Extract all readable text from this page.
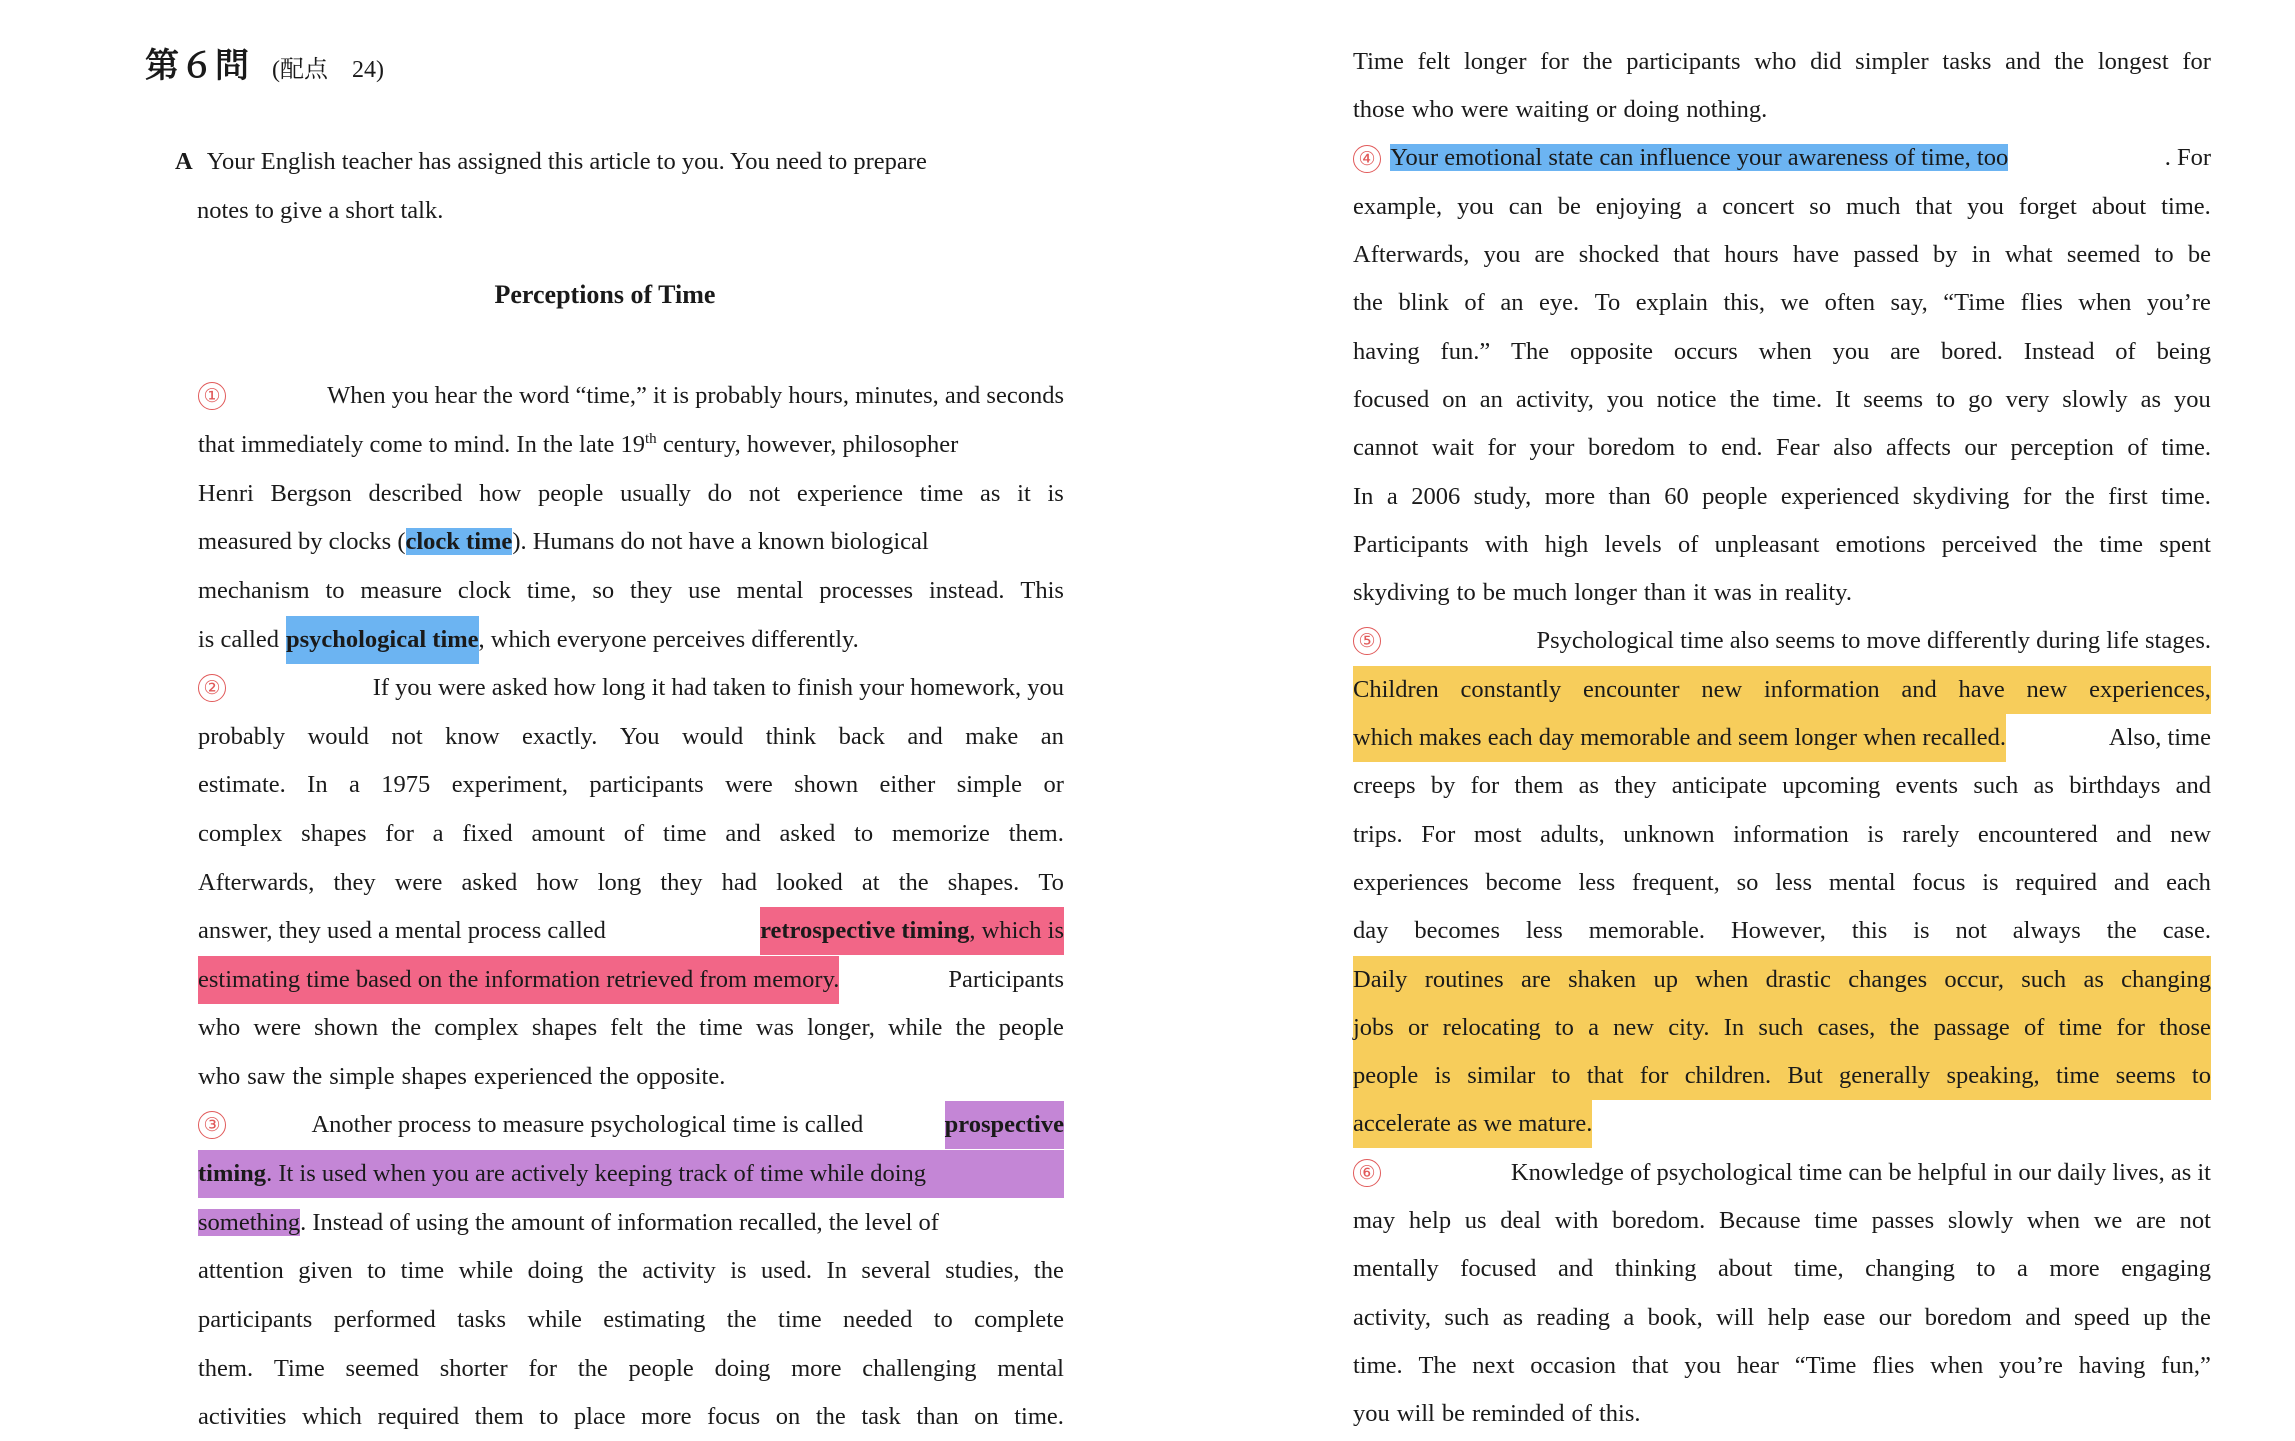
第６問 (配点　24)
A Your English teacher has assigned this article to you. You need to prepare
notes to give a short talk.
Perceptions of Time
①	When you hear the word “time,” it is probably hours, minutes, and seconds
that immediately come to mind. In the late 19th century, however, philosopher
Henri Bergson described how people usually do not experience time as it is
measured by clocks (clock time). Humans do not have a known biological
mechanism to measure clock time, so they use mental processes instead. This
is called psychological time , which everyone perceives differently.
②	If you were asked how long it had taken to finish your homework, you
probably would not know exactly. You would think back and make an
estimate. In a 1975 experiment, participants were shown either simple or
complex shapes for a fixed amount of time and asked to memorize them.
Afterwards, they were asked how long they had looked at the shapes. To
answer, they used a mental process called	retrospective timing, which is
estimating time based on the information retrieved from memory.	Participants
who were shown the complex shapes felt the time was longer, while the people
who saw the simple shapes experienced the opposite.
③	Another process to measure psychological time is called	prospective
timing. It is used when you are actively keeping track of time while doing
something. Instead of using the amount of information recalled, the level of
attention given to time while doing the activity is used. In several studies, the
participants performed tasks while estimating the time needed to complete
them. Time seemed shorter for the people doing more challenging mental
activities which required them to place more focus on the task than on time.
Time felt longer for the participants who did simpler tasks and the longest for
those who were waiting or doing nothing.
④ Your emotional state can influence your awareness of time, too	. For
example, you can be enjoying a concert so much that you forget about time.
Afterwards, you are shocked that hours have passed by in what seemed to be
the blink of an eye. To explain this, we often say, “Time flies when you’re
having fun.” The opposite occurs when you are bored. Instead of being
focused on an activity, you notice the time. It seems to go very slowly as you
cannot wait for your boredom to end. Fear also affects our perception of time.
In a 2006 study, more than 60 people experienced skydiving for the first time.
Participants with high levels of unpleasant emotions perceived the time spent
skydiving to be much longer than it was in reality.
⑤	Psychological time also seems to move differently during life stages.
Children constantly encounter new information and have new experiences,
which makes each day memorable and seem longer when recalled.	Also, time
creeps by for them as they anticipate upcoming events such as birthdays and
trips. For most adults, unknown information is rarely encountered and new
experiences become less frequent, so less mental focus is required and each
day becomes less memorable. However, this is not always the case.
Daily routines are shaken up when drastic changes occur, such as changing
jobs or relocating to a new city. In such cases, the passage of time for those
people is similar to that for children. But generally speaking, time seems to
accelerate as we mature.
⑥	Knowledge of psychological time can be helpful in our daily lives, as it
may help us deal with boredom. Because time passes slowly when we are not
mentally focused and thinking about time, changing to a more engaging
activity, such as reading a book, will help ease our boredom and speed up the
time. The next occasion that you hear “Time flies when you’re having fun,”
you will be reminded of this.
